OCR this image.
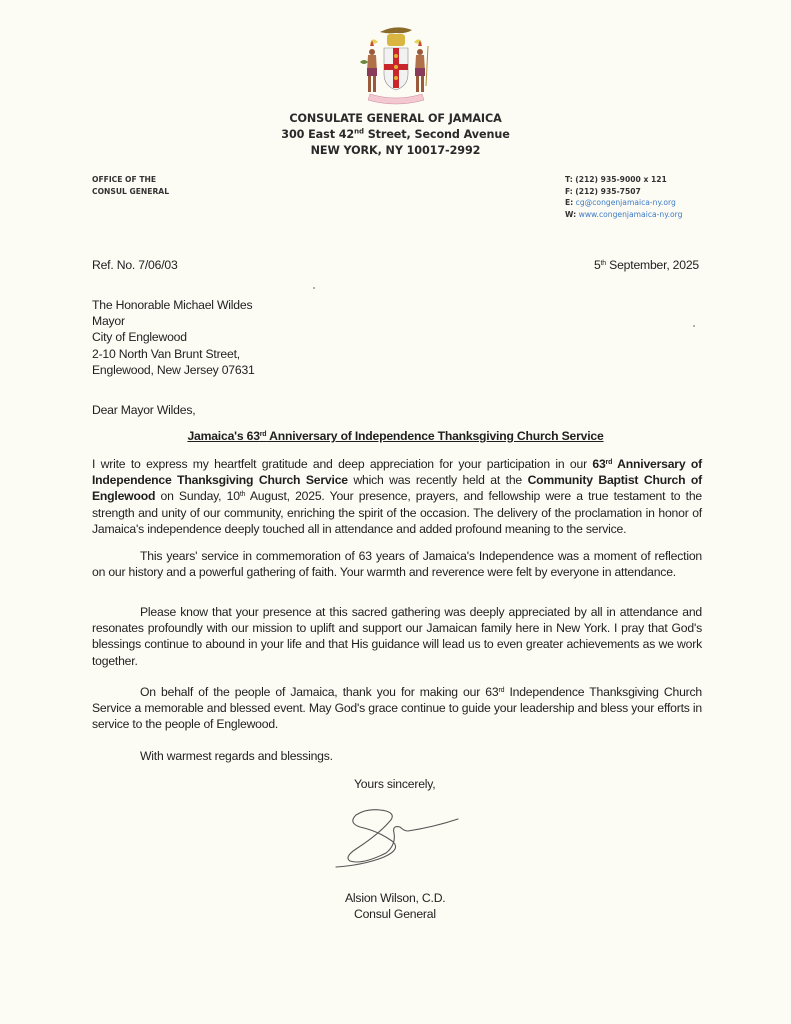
CONSULATE GENERAL OF JAMAICA
300 East 42nd Street, Second Avenue
NEW YORK, NY 10017-2992
OFFICE OF THE
CONSUL GENERAL
T: (212) 935-9000 x 121
F: (212) 935-7507
E: cg@congenjamaica-ny.org
W: www.congenjamaica-ny.org
Ref. No. 7/06/03	5th September, 2025
The Honorable Michael Wildes
Mayor
City of Englewood
2-10 North Van Brunt Street,
Englewood, New Jersey 07631
Dear Mayor Wildes,
Jamaica's 63rd Anniversary of Independence Thanksgiving Church Service
I write to express my heartfelt gratitude and deep appreciation for your participation in our 63rd Anniversary of Independence Thanksgiving Church Service which was recently held at the Community Baptist Church of Englewood on Sunday, 10th August, 2025. Your presence, prayers, and fellowship were a true testament to the strength and unity of our community, enriching the spirit of the occasion. The delivery of the proclamation in honor of Jamaica's independence deeply touched all in attendance and added profound meaning to the service.
This years' service in commemoration of 63 years of Jamaica's Independence was a moment of reflection on our history and a powerful gathering of faith. Your warmth and reverence were felt by everyone in attendance.
Please know that your presence at this sacred gathering was deeply appreciated by all in attendance and resonates profoundly with our mission to uplift and support our Jamaican family here in New York. I pray that God's blessings continue to abound in your life and that His guidance will lead us to even greater achievements as we work together.
On behalf of the people of Jamaica, thank you for making our 63rd Independence Thanksgiving Church Service a memorable and blessed event. May God's grace continue to guide your leadership and bless your efforts in service to the people of Englewood.
With warmest regards and blessings.
Yours sincerely,
Alsion Wilson, C.D.
Consul General
